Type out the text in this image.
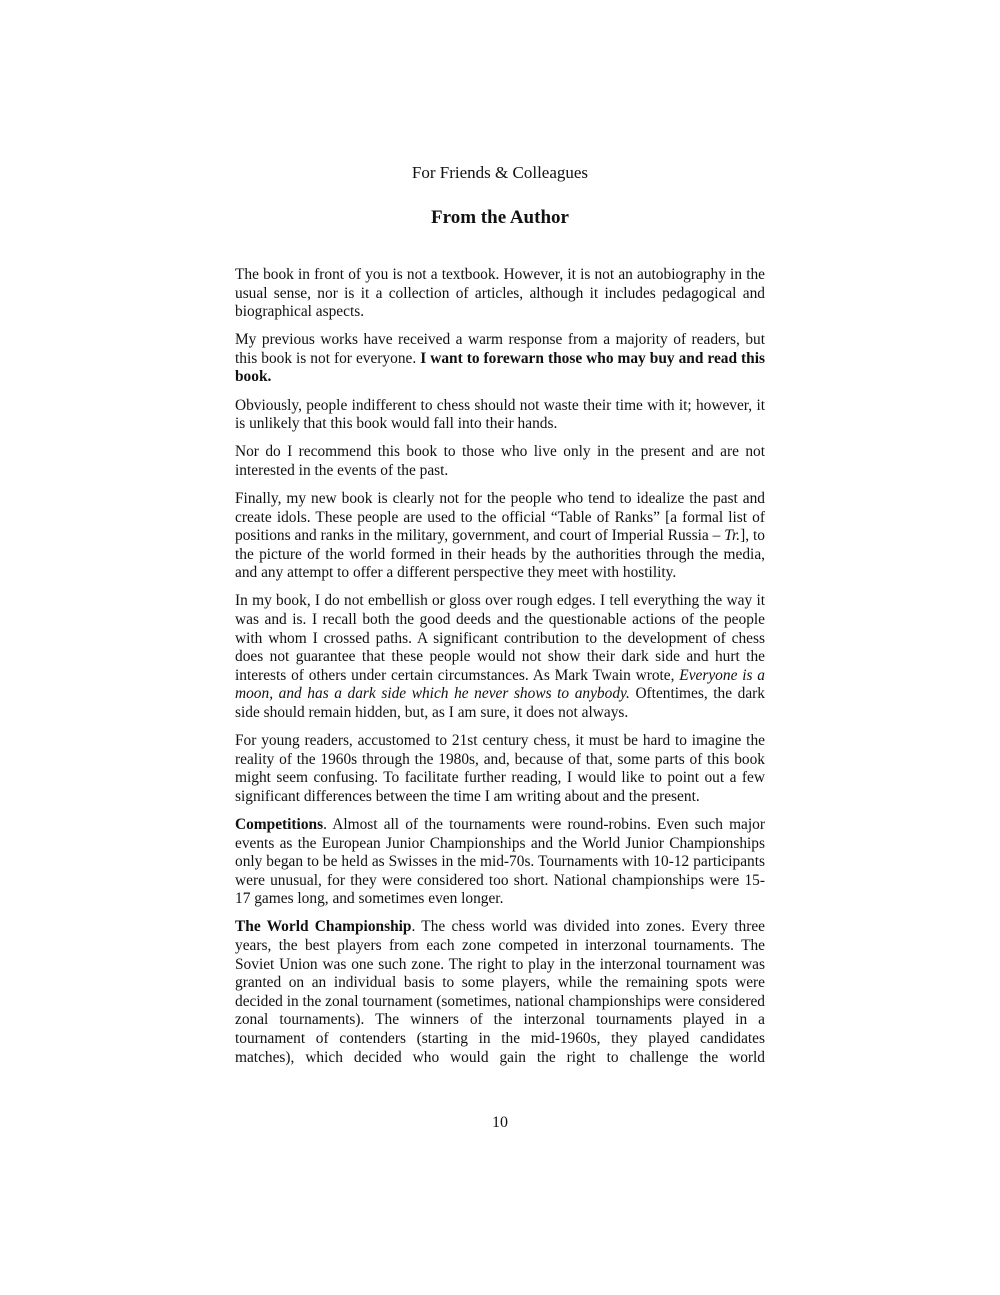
For Friends & Colleagues
From the Author

The book in front of you is not a textbook. However, it is not an autobiography in the usual sense, nor is it a collection of articles, although it includes pedagogical and biographical aspects.

My previous works have received a warm response from a majority of readers, but this book is not for everyone. I want to forewarn those who may buy and read this book.

Obviously, people indifferent to chess should not waste their time with it; however, it is unlikely that this book would fall into their hands.

Nor do I recommend this book to those who live only in the present and are not interested in the events of the past.

Finally, my new book is clearly not for the people who tend to idealize the past and create idols. These people are used to the official “Table of Ranks” [a formal list of positions and ranks in the military, government, and court of Imperial Russia – Tr.], to the picture of the world formed in their heads by the authorities through the media, and any attempt to offer a different perspective they meet with hostility.

In my book, I do not embellish or gloss over rough edges. I tell everything the way it was and is. I recall both the good deeds and the questionable actions of the people with whom I crossed paths. A significant contribution to the development of chess does not guarantee that these people would not show their dark side and hurt the interests of others under certain circumstances. As Mark Twain wrote, Everyone is a moon, and has a dark side which he never shows to anybody. Oftentimes, the dark side should remain hidden, but, as I am sure, it does not always.

For young readers, accustomed to 21st century chess, it must be hard to imagine the reality of the 1960s through the 1980s, and, because of that, some parts of this book might seem confusing. To facilitate further reading, I would like to point out a few significant differences between the time I am writing about and the present.

Competitions. Almost all of the tournaments were round-robins. Even such major events as the European Junior Championships and the World Junior Championships only began to be held as Swisses in the mid-70s. Tournaments with 10-12 participants were unusual, for they were considered too short. National championships were 15-17 games long, and sometimes even longer.

The World Championship. The chess world was divided into zones. Every three years, the best players from each zone competed in interzonal tournaments. The Soviet Union was one such zone. The right to play in the interzonal tournament was granted on an individual basis to some players, while the remaining spots were decided in the zonal tournament (sometimes, national championships were considered zonal tournaments). The winners of the interzonal tournaments played in a tournament of contenders (starting in the mid-1960s, they played candidates matches), which decided who would gain the right to challenge the world

10
